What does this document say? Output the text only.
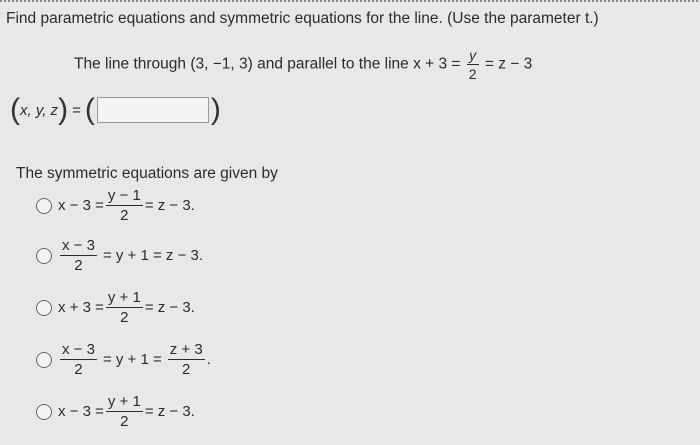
Find parametric equations and symmetric equations for the line. (Use the parameter t.)
The line through (3, −1, 3) and parallel to the line $x + 3 = \frac{y}{2} = z - 3$
( x, y, z ) = (	)
The symmetric equations are given by
$x - 3 = \frac{y - 1}{2} = z - 3$.
$\frac{x - 3}{2} = y + 1 = z - 3$.
$x + 3 = \frac{y + 1}{2} = z - 3$.
$\frac{x - 3}{2} = y + 1 = \frac{z + 3}{2}$ .
$x - 3 = \frac{y + 1}{2} = z - 3$.
